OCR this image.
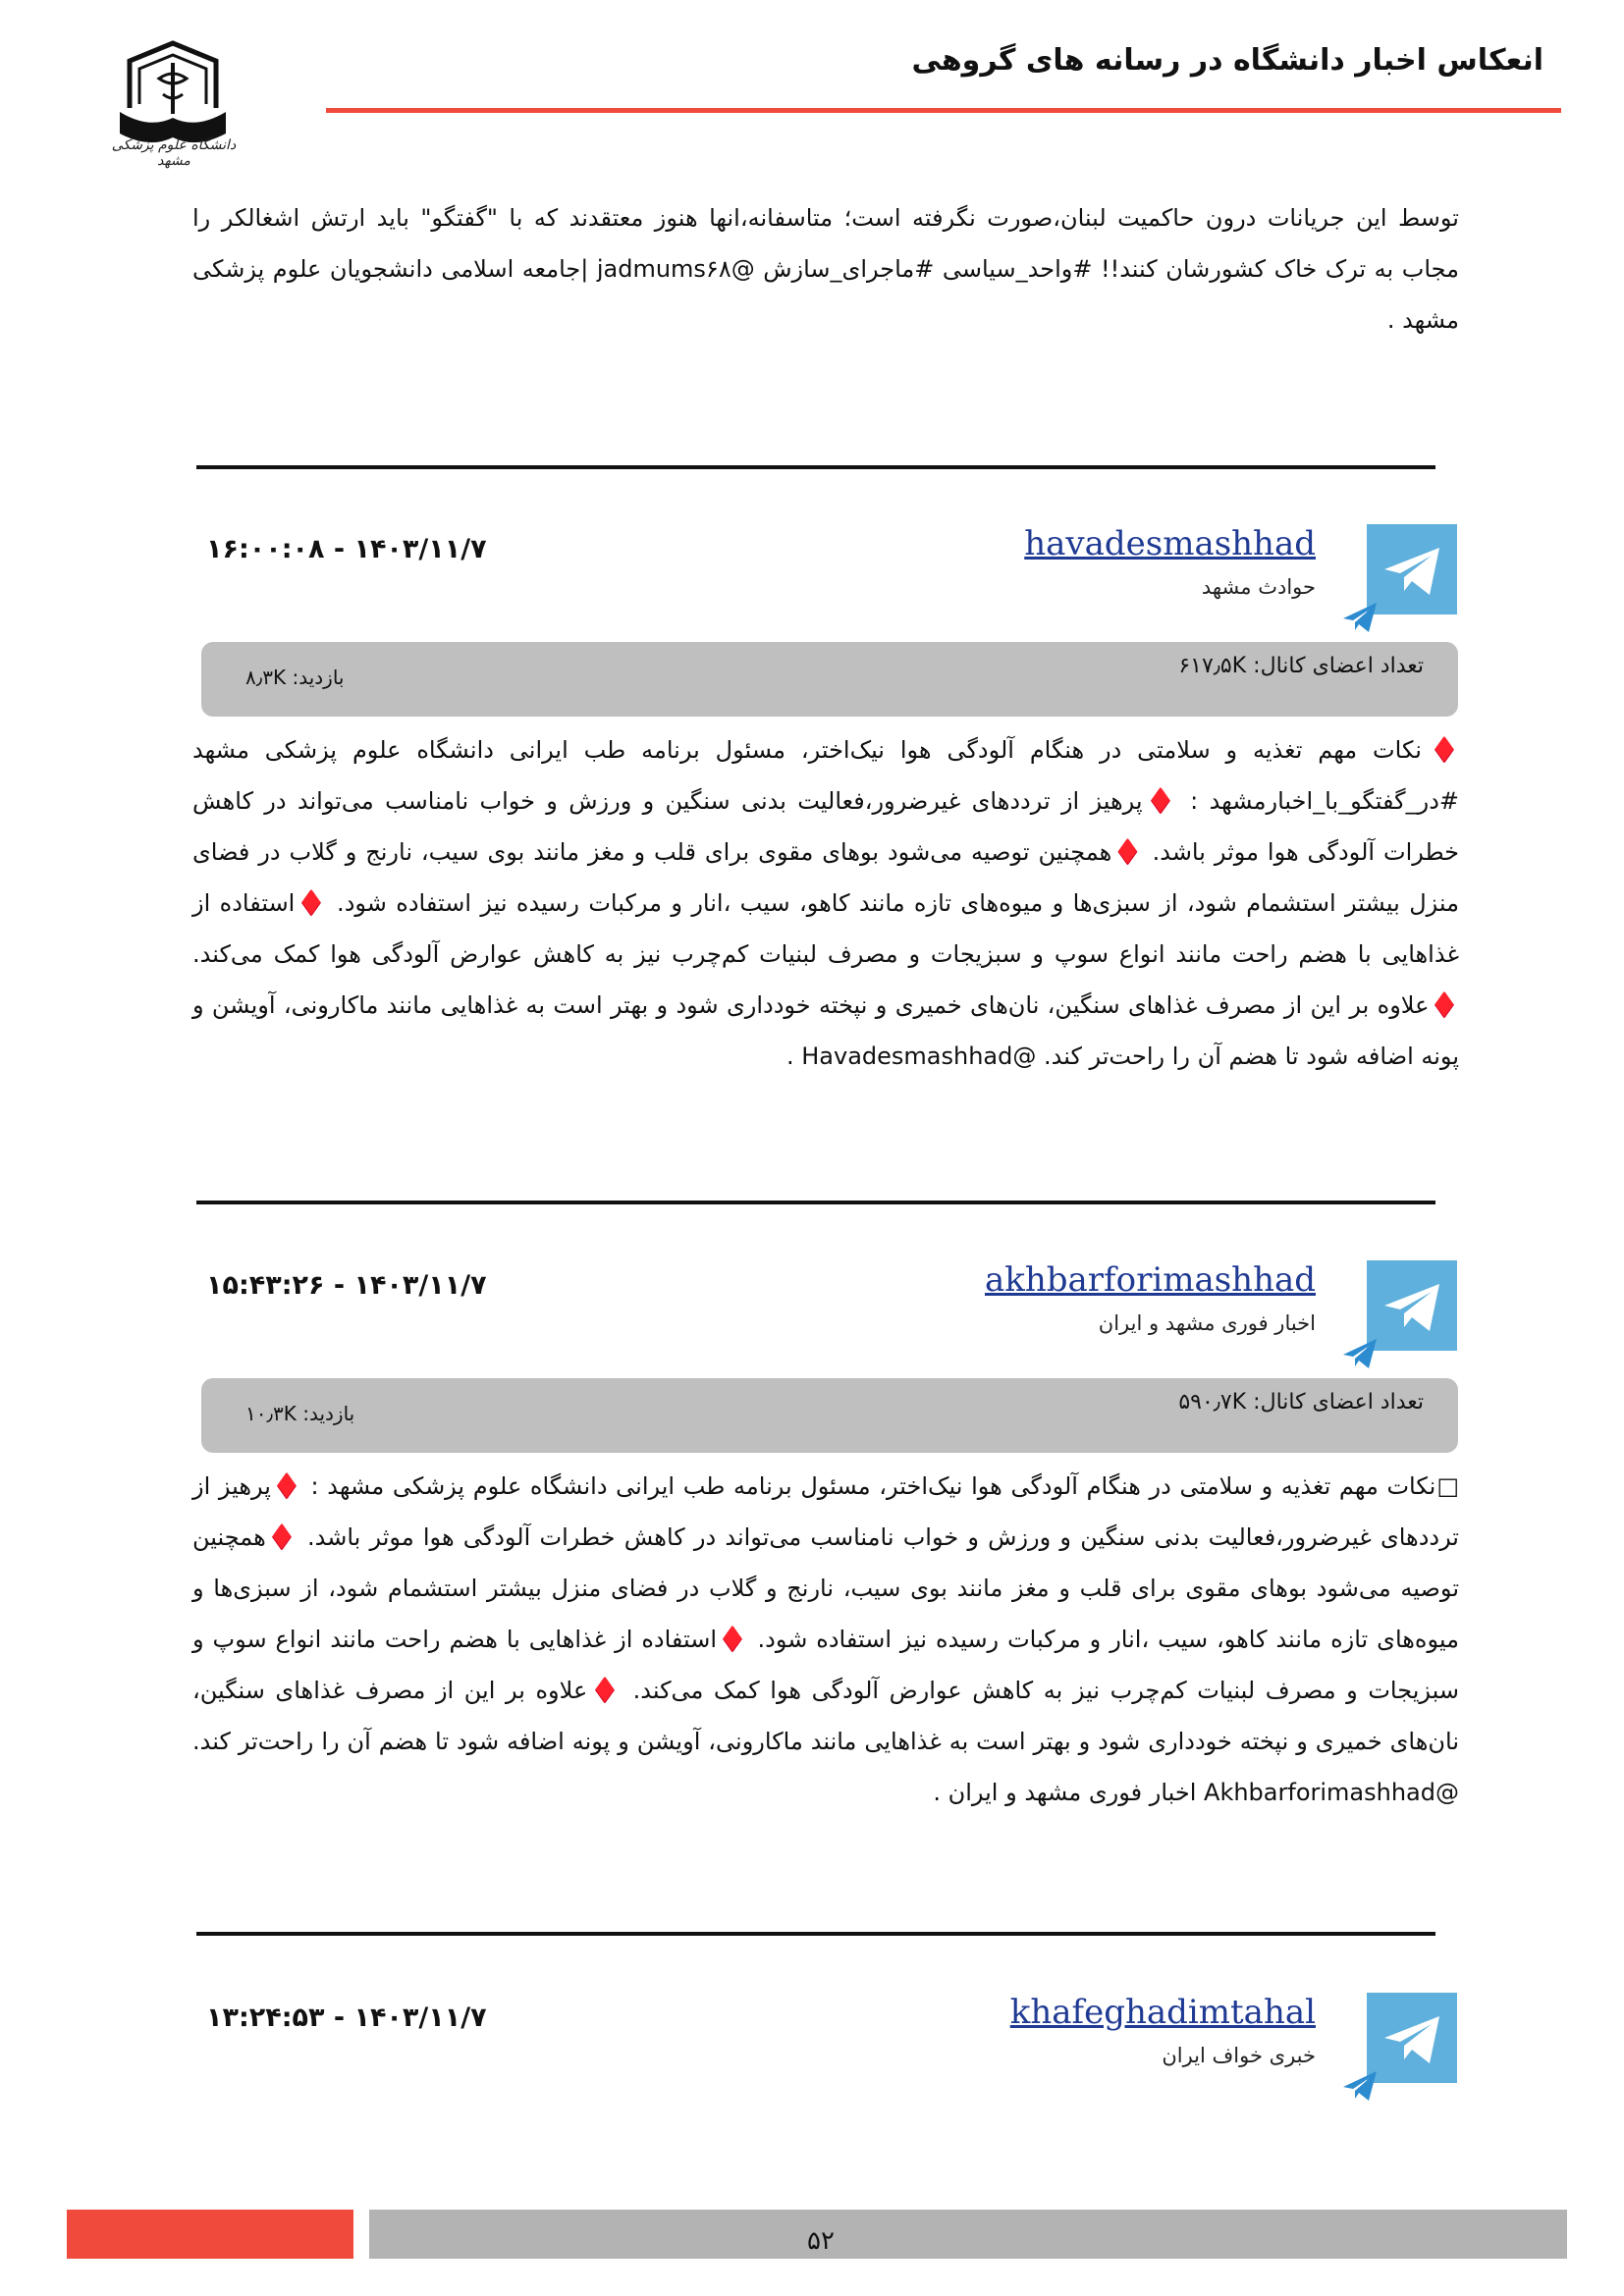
انعکاس اخبار دانشگاه در رسانه های گروهی
دانشگاه علوم پزشکی مشهد
توسط این جریانات درون حاکمیت لبنان،صورت نگرفته است؛ متاسفانه،انها هنوز معتقدند که با "گفتگو" باید ارتش اشغالکر را مجاب به ترک خاک کشورشان کنند!! #واحد_سیاسی #ماجرای_سازش @jadmums۶۸ |جامعه اسلامی دانشجویان علوم پزشکی مشهد .
havadesmashhad
حوادث مشهد
۱۶:۰۰:۰۸ - ۱۴۰۳/۱۱/۷
تعداد اعضای کانال: ۶۱۷٫۵K
بازدید: ۸٫۳K
♦️نکات مهم تغذیه و سلامتی در هنگام آلودگی هوا نیک‌اختر، مسئول برنامه طب ایرانی دانشگاه علوم پزشکی مشهد #در_گفتگو_با_اخبارمشهد : ♦️پرهیز از ترددهای غیرضرور،فعالیت بدنی سنگین و ورزش و خواب نامناسب می‌تواند در کاهش خطرات آلودگی هوا موثر باشد. ♦️همچنین توصیه می‌شود بوهای مقوی برای قلب و مغز مانند بوی سیب، نارنج و گلاب در فضای منزل بیشتر استشمام شود، از سبزی‌ها و میوه‌های تازه مانند کاهو، سیب ،انار و مرکبات رسیده نیز استفاده شود. ♦️استفاده از غذاهایی با هضم راحت مانند انواع سوپ و سبزیجات و مصرف لبنیات کم‌چرب نیز به کاهش عوارض آلودگی هوا کمک می‌کند. ♦️علاوه بر این از مصرف غذاهای سنگین، نان‌های خمیری و نپخته خودداری شود و بهتر است به غذاهایی مانند ماکارونی، آویشن و پونه اضافه شود تا هضم آن را راحت‌تر کند. @Havadesmashhad .
akhbarforimashhad
اخبار فوری مشهد و ایران
۱۵:۴۳:۲۶ - ۱۴۰۳/۱۱/۷
تعداد اعضای کانال: ۵۹۰٫۷K
بازدید: ۱۰٫۳K
□نکات مهم تغذیه و سلامتی در هنگام آلودگی هوا نیک‌اختر، مسئول برنامه طب ایرانی دانشگاه علوم پزشکی مشهد : ♦️پرهیز از ترددهای غیرضرور،فعالیت بدنی سنگین و ورزش و خواب نامناسب می‌تواند در کاهش خطرات آلودگی هوا موثر باشد. ♦️همچنین توصیه می‌شود بوهای مقوی برای قلب و مغز مانند بوی سیب، نارنج و گلاب در فضای منزل بیشتر استشمام شود، از سبزی‌ها و میوه‌های تازه مانند کاهو، سیب ،انار و مرکبات رسیده نیز استفاده شود. ♦️استفاده از غذاهایی با هضم راحت مانند انواع سوپ و سبزیجات و مصرف لبنیات کم‌چرب نیز به کاهش عوارض آلودگی هوا کمک می‌کند. ♦️علاوه بر این از مصرف غذاهای سنگین، نان‌های خمیری و نپخته خودداری شود و بهتر است به غذاهایی مانند ماکارونی، آویشن و پونه اضافه شود تا هضم آن را راحت‌تر کند. @Akhbarforimashhad اخبار فوری مشهد و ایران .
khafeghadimtahal
خبری خواف ایران
۱۳:۲۴:۵۳ - ۱۴۰۳/۱۱/۷
۵۲
